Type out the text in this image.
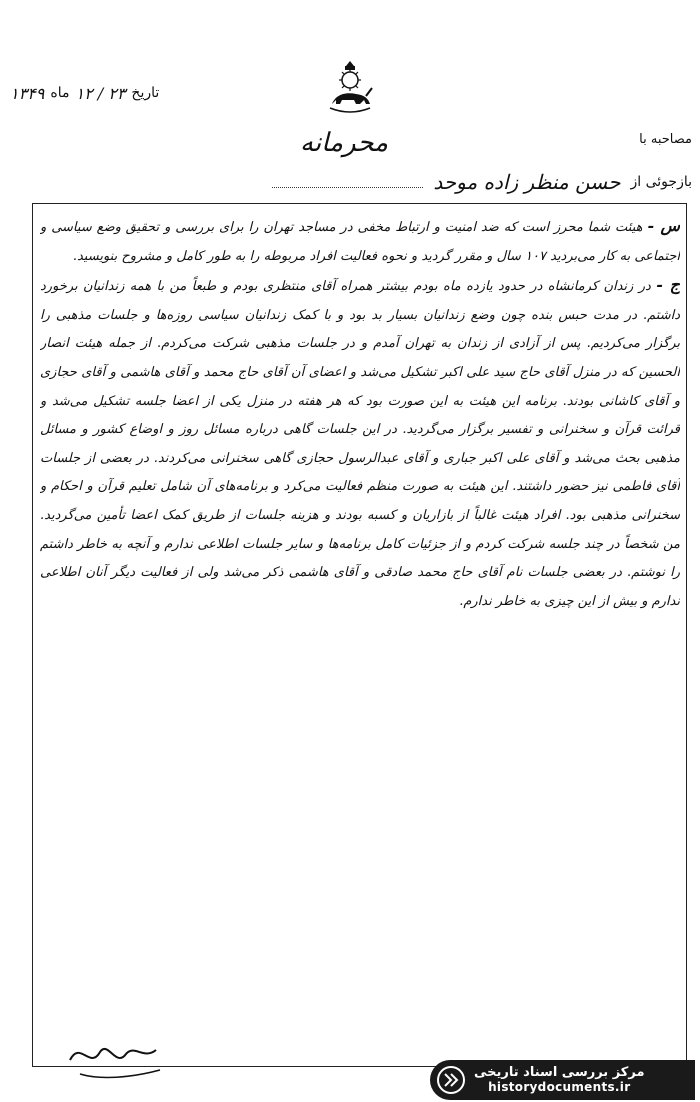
تاریخ
۲۳ / ۱۲
ماه
۱۳۴۹
مصاحبه با
محرمانه
بازجوئی از
حسن منظر زاده موحد

س - هیئت شما محرز است که ضد امنیت و ارتباط مخفی در مساجد تهران را برای بررسی و تحقیق وضع سیاسی و اجتماعی به کار می‌بردید ۱۰۷ سال و مقرر گردید و نحوه فعالیت افراد مربوطه را به طور کامل و مشروح بنویسید.

ج - در زندان کرمانشاه در حدود یازده ماه بودم بیشتر همراه آقای منتظری بودم و طبعاً من با همه زندانیان برخورد داشتم. در مدت حبس بنده چون وضع زندانیان بسیار بد بود و با کمک زندانیان سیاسی روزه‌ها و جلسات مذهبی را برگزار می‌کردیم. پس از آزادی از زندان به تهران آمدم و در جلسات مذهبی شرکت می‌کردم. از جمله هیئت انصار الحسین که در منزل آقای حاج سید علی اکبر تشکیل می‌شد و اعضای آن آقای حاج محمد و آقای هاشمی و آقای حجازی و آقای کاشانی بودند. برنامه این هیئت به این صورت بود که هر هفته در منزل یکی از اعضا جلسه تشکیل می‌شد و قرائت قرآن و سخنرانی و تفسیر برگزار می‌گردید. در این جلسات گاهی درباره مسائل روز و اوضاع کشور و مسائل مذهبی بحث می‌شد و آقای علی اکبر جباری و آقای عبدالرسول حجازی گاهی سخنرانی می‌کردند. در بعضی از جلسات آقای فاطمی نیز حضور داشتند. این هیئت به صورت منظم فعالیت می‌کرد و برنامه‌های آن شامل تعلیم قرآن و احکام و سخنرانی مذهبی بود. افراد هیئت غالباً از بازاریان و کسبه بودند و هزینه جلسات از طریق کمک اعضا تأمین می‌گردید. من شخصاً در چند جلسه شرکت کردم و از جزئیات کامل برنامه‌ها و سایر جلسات اطلاعی ندارم و آنچه به خاطر داشتم را نوشتم. در بعضی جلسات نام آقای حاج محمد صادقی و آقای هاشمی ذکر می‌شد ولی از فعالیت دیگر آنان اطلاعی ندارم و بیش از این چیزی به خاطر ندارم.

مرکز بررسی اسناد تاریخی
historydocuments.ir
